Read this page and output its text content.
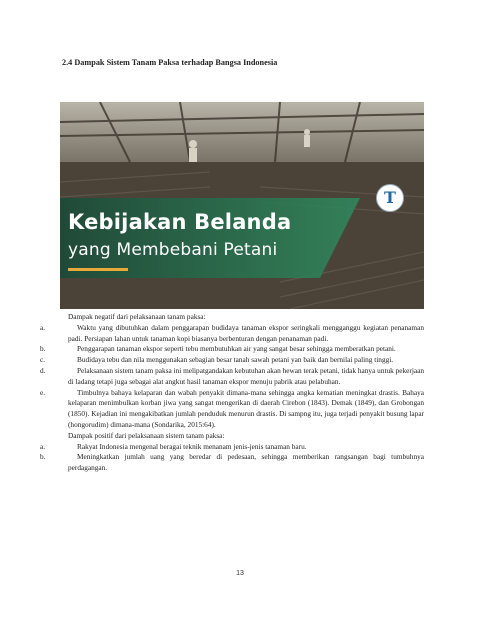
2.4 Dampak Sistem Tanam Paksa terhadap Bangsa Indonesia
T
Kebijakan Belanda
yang Membebani Petani

Dampak negatif dari pelaksanaan tanam paksa:

a.	Waktu yang dibutuhkan dalam penggarapan budidaya tanaman ekspor seringkali mengganggu kegiatan penanaman padi. Persiapan lahan untuk tanaman kopi biasanya berbenturan dengan penanaman padi.
b.	Penggarapan tanaman ekspor seperti tebu membutuhkan air yang sangat besar sehingga memberatkan petani.
c.	Budidaya tebu dan nila menggunakan sebagian besar tanah sawah petani yan baik dan bernilai paling tinggi.
d.	Pelaksanaan sistem tanam paksa ini melipatgandakan kebutuhan akan hewan terak petani, tidak hanya untuk pekerjaan di ladang tetapi juga sebagai alat angkut hasil tanaman ekspor menuju pabrik atau pelabuhan.
e.	Timbulnya bahaya kelaparan dan wabah penyakit dimana-mana sehingga angka kematian meningkat drastis. Bahaya kelaparan menimbulkan korban jiwa yang sangat mengerikan di daerah Cirebon (1843). Demak (1849), dan Grobongan (1850). Kejadian ini mengakibatkan jumlah penduduk menurun drastis. Di sampng itu, juga terjadi penyakit busung lapar (hongorudim) dimana-mana (Sondarika, 2015:64).

Dampak positif dari pelaksanaan sistem tanam paksa:

a.	Rakyat Indonesia mengenal beragai teknik menanam jenis-jenis tanaman baru.
b.	Meningkatkan jumlah uang yang beredar di pedesaan, sehingga memberikan rangsangan bagi tumbuhnya perdagangan.
13
